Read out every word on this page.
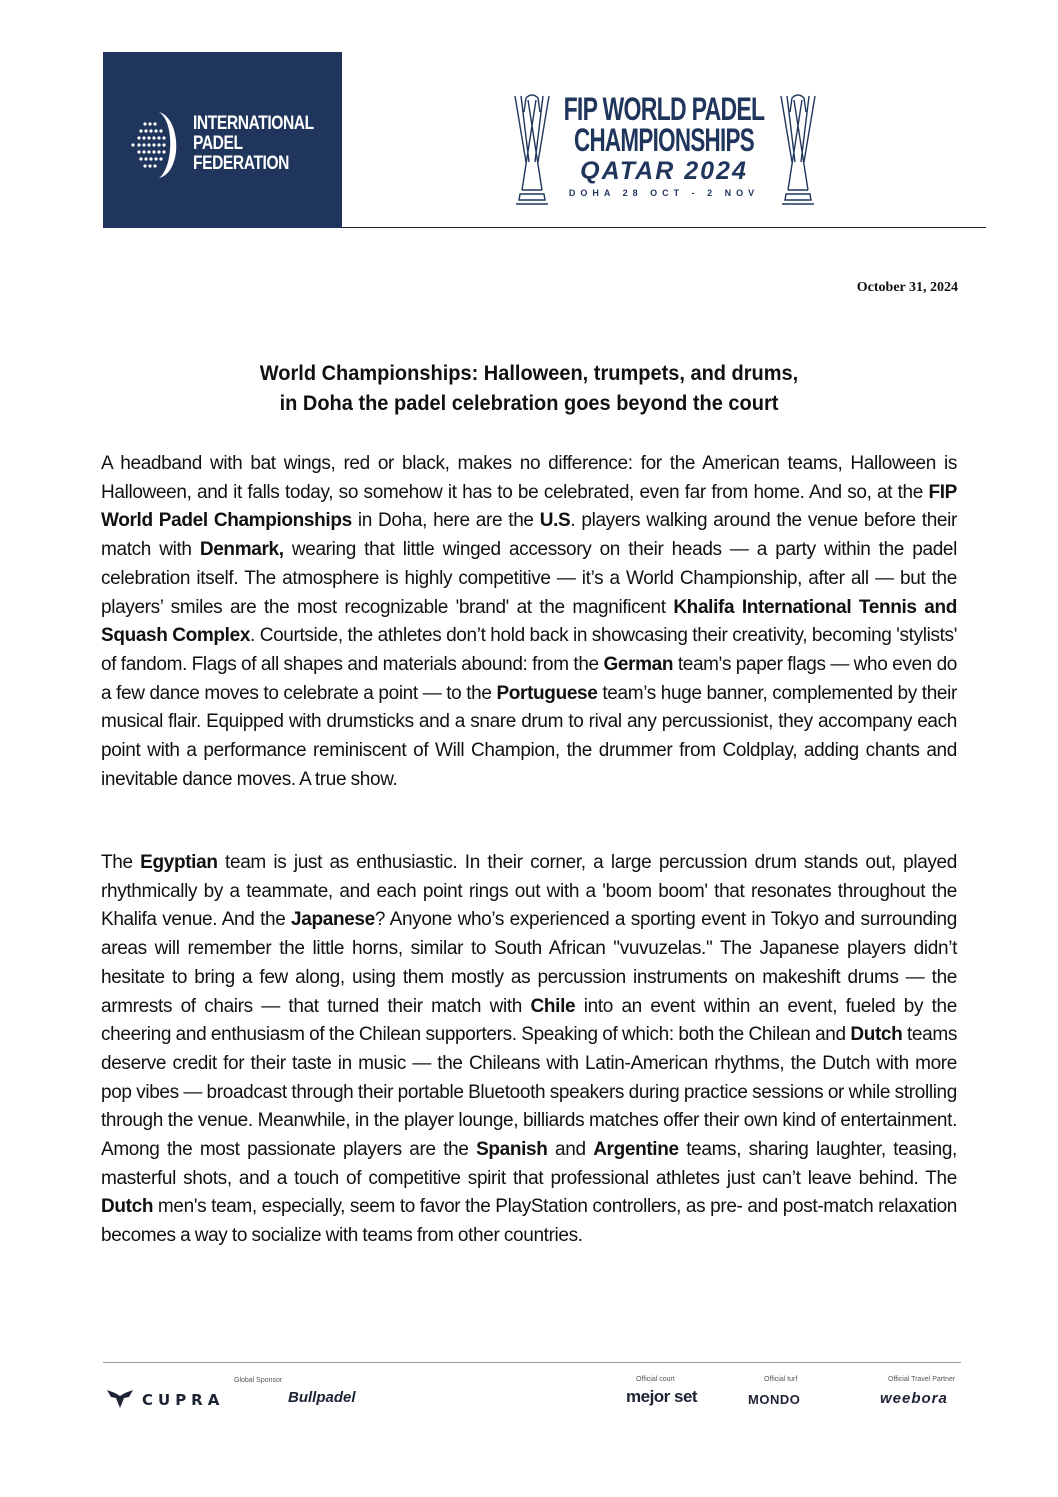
INTERNATIONAL
PADEL
FEDERATION
FIP WORLD PADEL
CHAMPIONSHIPS
QATAR 2024
DOHA 28 OCT - 2 NOV
October 31, 2024
World Championships: Halloween, trumpets, and drums,
in Doha the padel celebration goes beyond the court

A headband with bat wings, red or black, makes no difference: for the American teams, Halloween is Halloween, and it falls today, so somehow it has to be celebrated, even far from home. And so, at the FIP World Padel Championships in Doha, here are the U.S. players walking around the venue before their match with Denmark, wearing that little winged accessory on their heads — a party within the padel celebration itself. The atmosphere is highly competitive — it’s a World Championship, after all — but the players’ smiles are the most recognizable 'brand' at the magnificent Khalifa International Tennis and Squash Complex. Courtside, the athletes don’t hold back in showcasing their creativity, becoming 'stylists' of fandom. Flags of all shapes and materials abound: from the German team's paper flags — who even do a few dance moves to celebrate a point — to the Portuguese team’s huge banner, complemented by their musical flair. Equipped with drumsticks and a snare drum to rival any percussionist, they accompany each point with a performance reminiscent of Will Champion, the drummer from Coldplay, adding chants and inevitable dance moves. A true show.

The Egyptian team is just as enthusiastic. In their corner, a large percussion drum stands out, played rhythmically by a teammate, and each point rings out with a 'boom boom' that resonates throughout the Khalifa venue. And the Japanese? Anyone who’s experienced a sporting event in Tokyo and surrounding areas will remember the little horns, similar to South African "vuvuzelas." The Japanese players didn’t hesitate to bring a few along, using them mostly as percussion instruments on makeshift drums — the armrests of chairs — that turned their match with Chile into an event within an event, fueled by the cheering and enthusiasm of the Chilean supporters. Speaking of which: both the Chilean and Dutch teams deserve credit for their taste in music — the Chileans with Latin-American rhythms, the Dutch with more pop vibes — broadcast through their portable Bluetooth speakers during practice sessions or while strolling through the venue. Meanwhile, in the player lounge, billiards matches offer their own kind of entertainment. Among the most passionate players are the Spanish and Argentine teams, sharing laughter, teasing, masterful shots, and a touch of competitive spirit that professional athletes just can’t leave behind. The Dutch men's team, especially, seem to favor the PlayStation controllers, as pre- and post-match relaxation becomes a way to socialize with teams from other countries.

Global Sponsor	Official court	Official turf	Official Travel Partner
CUPRA	Bullpadel	mejor set	MONDO	weebora
